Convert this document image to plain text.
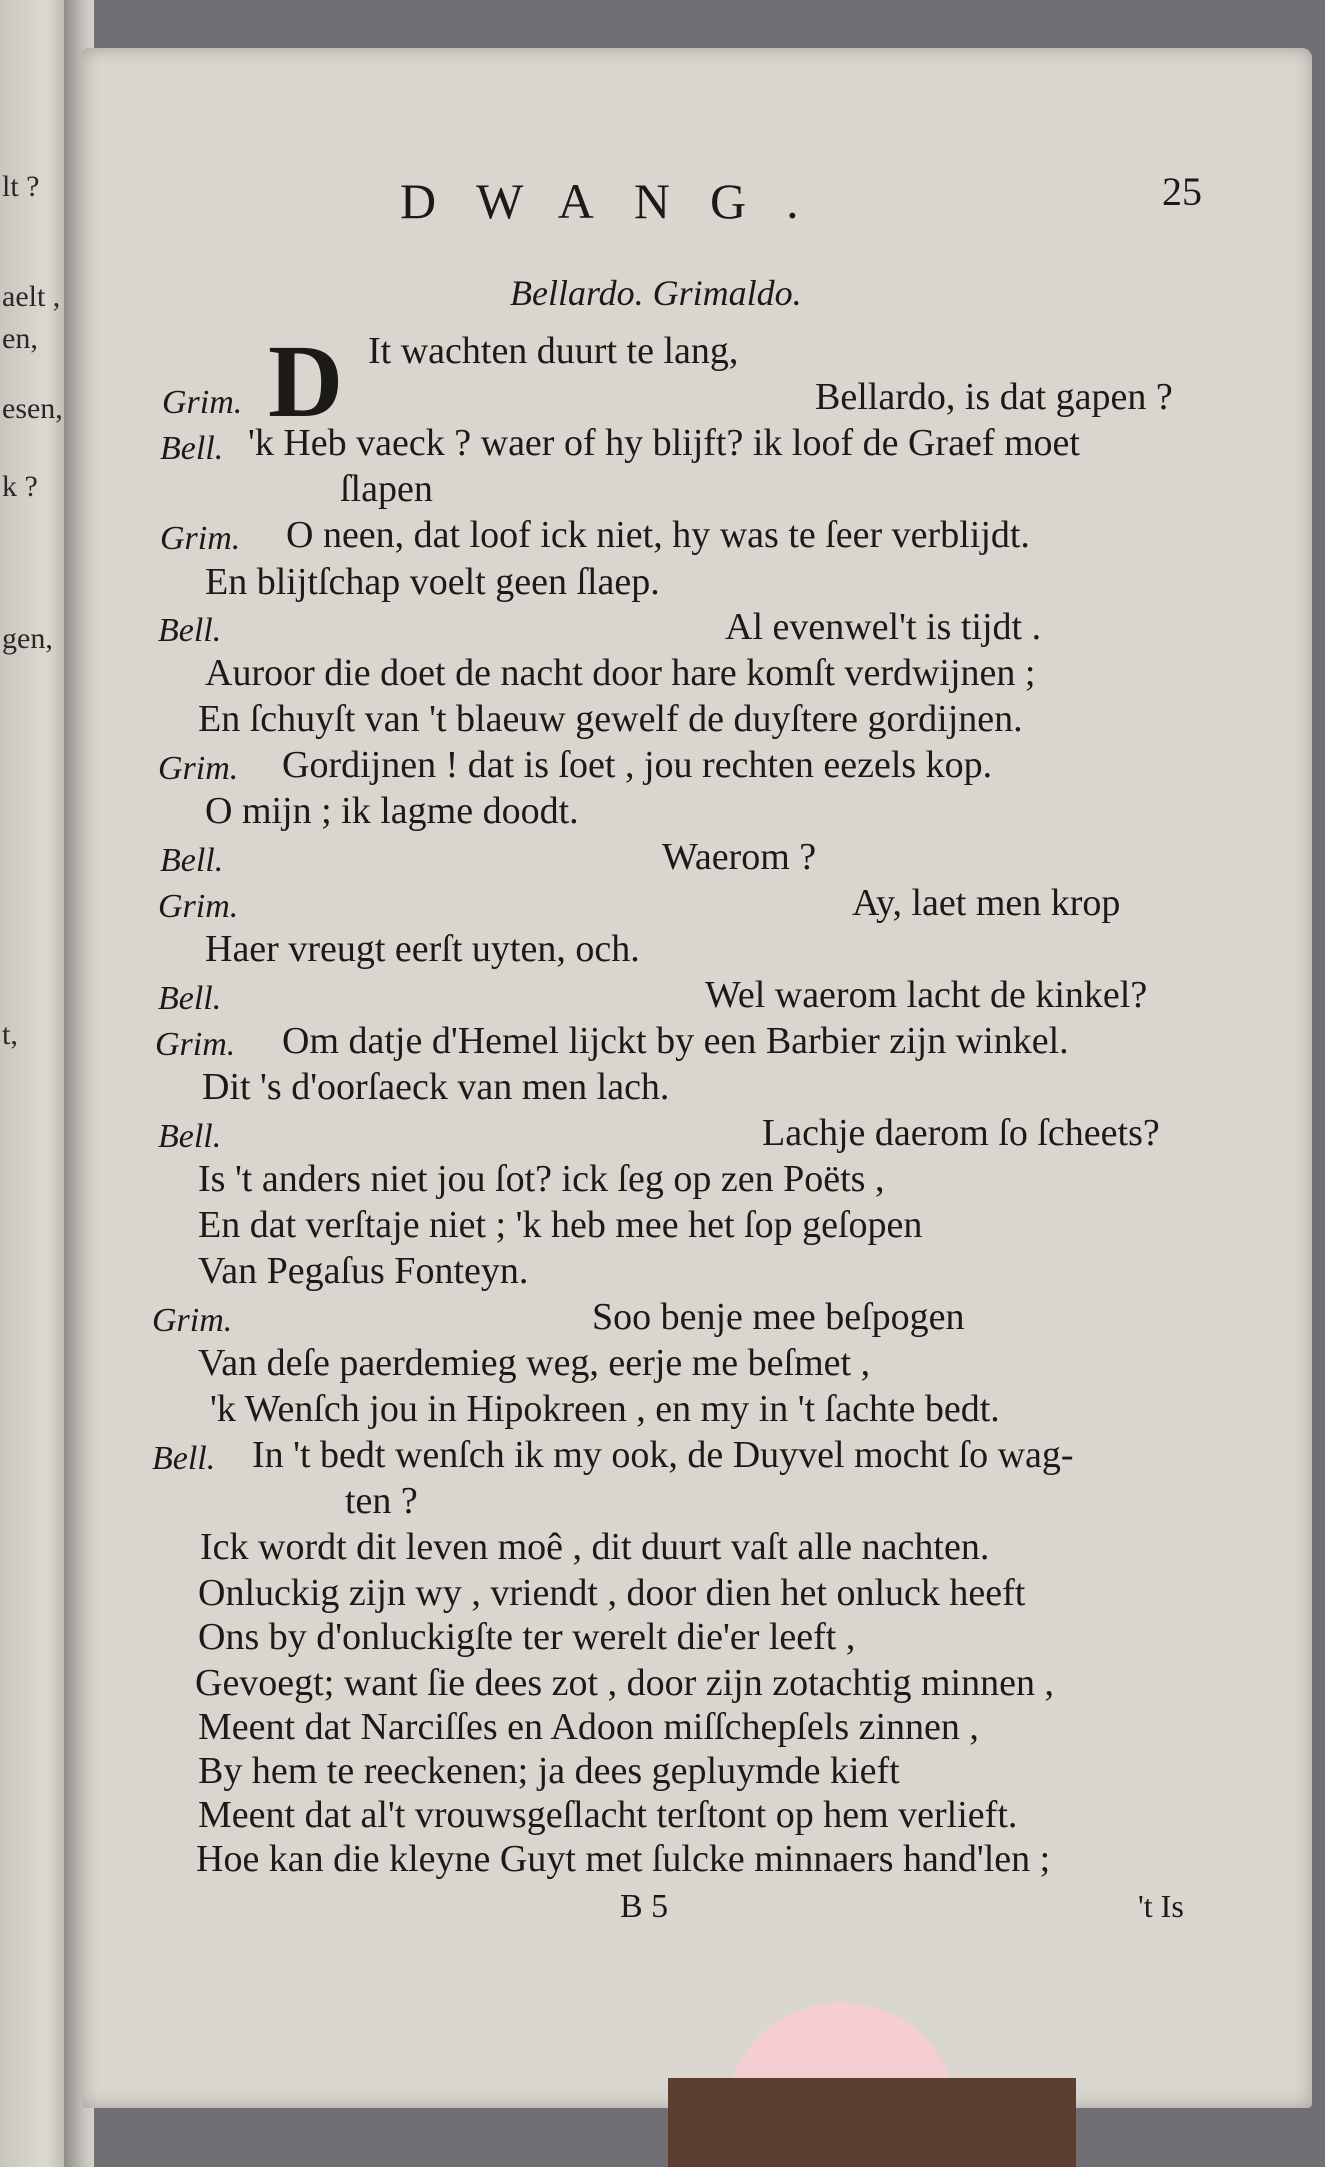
lt ?
aelt ,
en,
esen,
k ?
gen,
t,
DWANG.	25
Bellardo. Grimaldo.
D It wachten duurt te lang,
Grim.	Bellardo, is dat gapen ?
Bell. 'k Heb vaeck ? waer of hy blijft? ik loof de Graef moet
ſlapen
Grim. O neen, dat loof ick niet, hy was te ſeer verblijdt.
En blijtſchap voelt geen ſlaep.
Bell.	Al evenwel't is tijdt .
Auroor die doet de nacht door hare komſt verdwijnen ;
En ſchuyſt van 't blaeuw gewelf de duyſtere gordijnen.
Grim. Gordijnen ! dat is ſoet , jou rechten eezels kop.
O mijn ; ik lagme doodt.
Bell.	Waerom ?
Grim.	Ay, laet men krop
Haer vreugt eerſt uyten, och.
Bell.	Wel waerom lacht de kinkel?
Grim. Om datje d'Hemel lijckt by een Barbier zijn winkel.
Dit 's d'oorſaeck van men lach.
Bell.	Lachje daerom ſo ſcheets?
Is 't anders niet jou ſot? ick ſeg op zen Poëts ,
En dat verſtaje niet ; 'k heb mee het ſop geſopen
Van Pegaſus Fonteyn.
Grim.	Soo benje mee beſpogen
Van deſe paerdemieg weg, eerje me beſmet ,
'k Wenſch jou in Hipokreen , en my in 't ſachte bedt.
Bell. In 't bedt wenſch ik my ook, de Duyvel mocht ſo wag-
ten ?
Ick wordt dit leven moê , dit duurt vaſt alle nachten.
Onluckig zijn wy , vriendt , door dien het onluck heeft
Ons by d'onluckigſte ter werelt die'er leeft ,
Gevoegt; want ſie dees zot , door zijn zotachtig minnen ,
Meent dat Narciſſes en Adoon miſſchepſels zinnen ,
By hem te reeckenen; ja dees gepluymde kieft
Meent dat al't vrouwsgeſlacht terſtont op hem verlieft.
Hoe kan die kleyne Guyt met ſulcke minnaers hand'len ;
B 5	't Is
